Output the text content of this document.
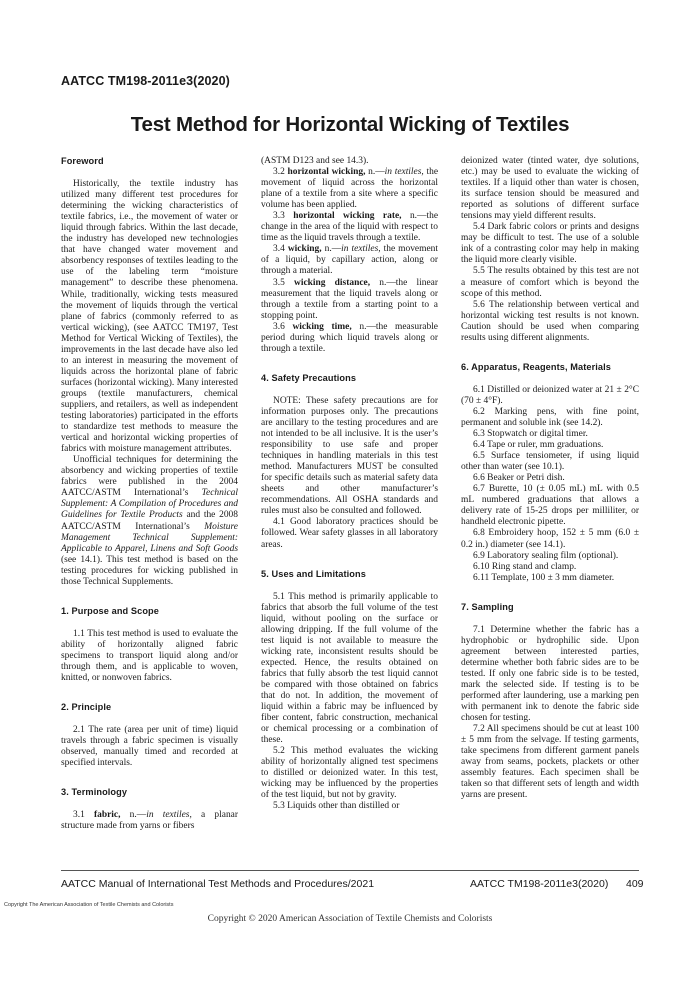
AATCC TM198-2011e3(2020)
Test Method for Horizontal Wicking of Textiles
Foreword

Historically, the textile industry has utilized many different test procedures for determining the wicking characteristics of textile fabrics, i.e., the movement of water or liquid through fabrics. Within the last decade, the industry has developed new technologies that have changed water movement and absorbency responses of textiles leading to the use of the labeling term “moisture management” to describe these phenomena. While, traditionally, wicking tests measured the movement of liquids through the vertical plane of fabrics (commonly referred to as vertical wicking), (see AATCC TM197, Test Method for Vertical Wicking of Textiles), the improvements in the last decade have also led to an interest in measuring the movement of liquids across the horizontal plane of fabric surfaces (horizontal wicking). Many interested groups (textile manufacturers, chemical suppliers, and retailers, as well as independent testing laboratories) participated in the efforts to standardize test methods to measure the vertical and horizontal wicking properties of fabrics with moisture management attributes.

Unofficial techniques for determining the absorbency and wicking properties of textile fabrics were published in the 2004 AATCC/ASTM International’s Technical Supplement: A Compilation of Procedures and Guidelines for Textile Products and the 2008 AATCC/ASTM International’s Moisture Management Technical Supplement: Applicable to Apparel, Linens and Soft Goods (see 14.1). This test method is based on the testing procedures for wicking published in those Technical Supplements.

1. Purpose and Scope

1.1 This test method is used to evaluate the ability of horizontally aligned fabric specimens to transport liquid along and/or through them, and is applicable to woven, knitted, or nonwoven fabrics.

2. Principle

2.1 The rate (area per unit of time) liquid travels through a fabric specimen is visually observed, manually timed and recorded at specified intervals.

3. Terminology

3.1 fabric, n.—in textiles, a planar structure made from yarns or fibers

(ASTM D123 and see 14.3).

3.2 horizontal wicking, n.—in textiles, the movement of liquid across the horizontal plane of a textile from a site where a specific volume has been applied.

3.3 horizontal wicking rate, n.—the change in the area of the liquid with respect to time as the liquid travels through a textile.

3.4 wicking, n.—in textiles, the movement of a liquid, by capillary action, along or through a material.

3.5 wicking distance, n.—the linear measurement that the liquid travels along or through a textile from a starting point to a stopping point.

3.6 wicking time, n.—the measurable period during which liquid travels along or through a textile.

4. Safety Precautions

NOTE: These safety precautions are for information purposes only. The precautions are ancillary to the testing procedures and are not intended to be all inclusive. It is the user’s responsibility to use safe and proper techniques in handling materials in this test method. Manufacturers MUST be consulted for specific details such as material safety data sheets and other manufacturer’s recommendations. All OSHA standards and rules must also be consulted and followed.

4.1 Good laboratory practices should be followed. Wear safety glasses in all laboratory areas.

5. Uses and Limitations

5.1 This method is primarily applicable to fabrics that absorb the full volume of the test liquid, without pooling on the surface or allowing dripping. If the full volume of the test liquid is not available to measure the wicking rate, inconsistent results should be expected. Hence, the results obtained on fabrics that fully absorb the test liquid cannot be compared with those obtained on fabrics that do not. In addition, the movement of liquid within a fabric may be influenced by fiber content, fabric construction, mechanical or chemical processing or a combination of these.

5.2 This method evaluates the wicking ability of horizontally aligned test specimens to distilled or deionized water. In this test, wicking may be influenced by the properties of the test liquid, but not by gravity.

5.3 Liquids other than distilled or

deionized water (tinted water, dye solutions, etc.) may be used to evaluate the wicking of textiles. If a liquid other than water is chosen, its surface tension should be measured and reported as solutions of different surface tensions may yield different results.

5.4 Dark fabric colors or prints and designs may be difficult to test. The use of a soluble ink of a contrasting color may help in making the liquid more clearly visible.

5.5 The results obtained by this test are not a measure of comfort which is beyond the scope of this method.

5.6 The relationship between vertical and horizontal wicking test results is not known. Caution should be used when comparing results using different alignments.

6. Apparatus, Reagents, Materials

6.1 Distilled or deionized water at 21 ± 2°C (70 ± 4°F).

6.2 Marking pens, with fine point, permanent and soluble ink (see 14.2).

6.3 Stopwatch or digital timer.

6.4 Tape or ruler, mm graduations.

6.5 Surface tensiometer, if using liquid other than water (see 10.1).

6.6 Beaker or Petri dish.

6.7 Burette, 10 (± 0.05 mL) mL with 0.5 mL numbered graduations that allows a delivery rate of 15-25 drops per milliliter, or handheld electronic pipette.

6.8 Embroidery hoop, 152 ± 5 mm (6.0 ± 0.2 in.) diameter (see 14.1).

6.9 Laboratory sealing film (optional).

6.10 Ring stand and clamp.

6.11 Template, 100 ± 3 mm diameter.

7. Sampling

7.1 Determine whether the fabric has a hydrophobic or hydrophilic side. Upon agreement between interested parties, determine whether both fabric sides are to be tested. If only one fabric side is to be tested, mark the selected side. If testing is to be performed after laundering, use a marking pen with permanent ink to denote the fabric side chosen for testing.

7.2 All specimens should be cut at least 100 ± 5 mm from the selvage. If testing garments, take specimens from different garment panels away from seams, pockets, plackets or other assembly features. Each specimen shall be taken so that different sets of length and width yarns are present.

AATCC Manual of International Test Methods and Procedures/2021	AATCC TM198-2011e3(2020) 409
Copyright The American Association of Textile Chemists and Colorists
Copyright © 2020 American Association of Textile Chemists and Colorists
